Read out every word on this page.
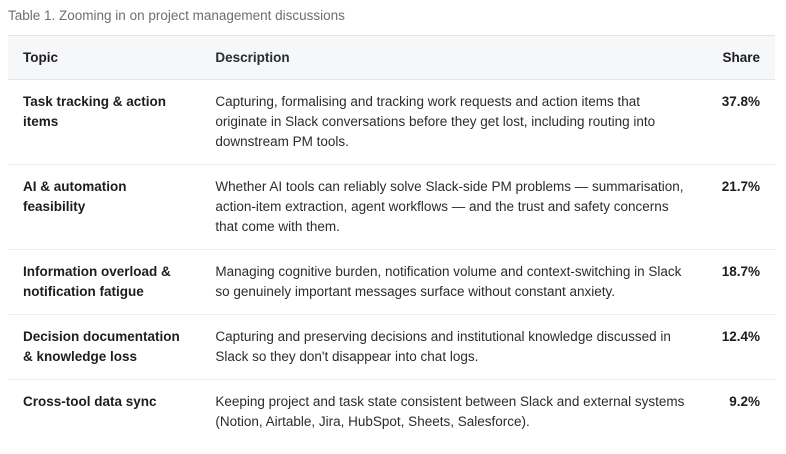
Table 1. Zooming in on project management discussions
Topic	Description	Share
Task tracking & action items	Capturing, formalising and tracking work requests and action items that originate in Slack conversations before they get lost, including routing into downstream PM tools.	37.8%
AI & automation feasibility	Whether AI tools can reliably solve Slack-side PM problems — summarisation, action-item extraction, agent workflows — and the trust and safety concerns that come with them.	21.7%
Information overload & notification fatigue	Managing cognitive burden, notification volume and context-switching in Slack so genuinely important messages surface without constant anxiety.	18.7%
Decision documentation & knowledge loss	Capturing and preserving decisions and institutional knowledge discussed in Slack so they don't disappear into chat logs.	12.4%
Cross-tool data sync	Keeping project and task state consistent between Slack and external systems (Notion, Airtable, Jira, HubSpot, Sheets, Salesforce).	9.2%
